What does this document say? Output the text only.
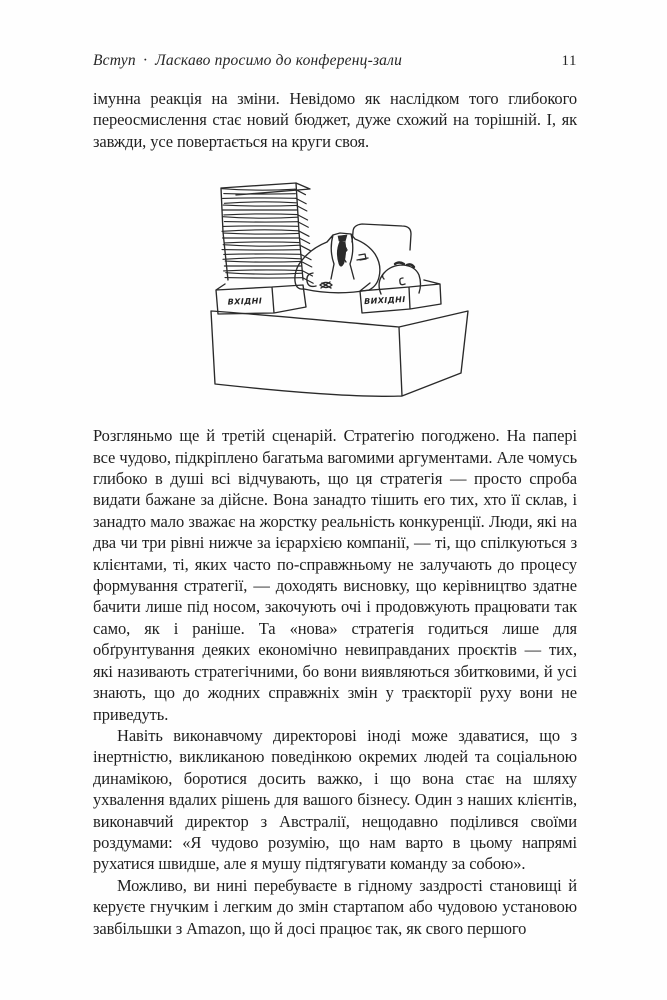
Вступ · Ласкаво просимо до конференц-зали	11

імунна реакція на зміни. Невідомо як наслідком того глибокого переосмислення стає новий бюджет, дуже схожий на торішній. І, як завжди, усе повертається на круги своя.

ВХІДНІ	ВИХІДНІ

Розгляньмо ще й третій сценарій. Стратегію погоджено. На папері все чудово, підкріплено багатьма вагомими аргументами. Але чомусь глибоко в душі всі відчувають, що ця стратегія — просто спроба видати бажане за дійсне. Вона занадто тішить его тих, хто її склав, і занадто мало зважає на жорстку реальність конкуренції. Люди, які на два чи три рівні нижче за ієрархією компанії, — ті, що спілкуються з клієнтами, ті, яких часто по-справжньому не залучають до процесу формування стратегії, — доходять висновку, що керівництво здатне бачити лише під носом, закочують очі і продовжують працювати так само, як і раніше. Та «нова» стратегія годиться лише для обґрунтування деяких економічно невиправданих проєктів — тих, які називають стратегічними, бо вони виявляються збитковими, й усі знають, що до жодних справжніх змін у траєкторії руху вони не приведуть.

Навіть виконавчому директорові іноді може здаватися, що з інертністю, викликаною поведінкою окремих людей та соціальною динамікою, боротися досить важко, і що вона стає на шляху ухвалення вдалих рішень для вашого бізнесу. Один з наших клієнтів, виконавчий директор з Австралії, нещодавно поділився своїми роздумами: «Я чудово розумію, що нам варто в цьому напрямі рухатися швидше, але я мушу підтягувати команду за собою».

Можливо, ви нині перебуваєте в гідному заздрості становищі й керуєте гнучким і легким до змін стартапом або чудовою установою завбільшки з Amazon, що й досі працює так, як свого першого
